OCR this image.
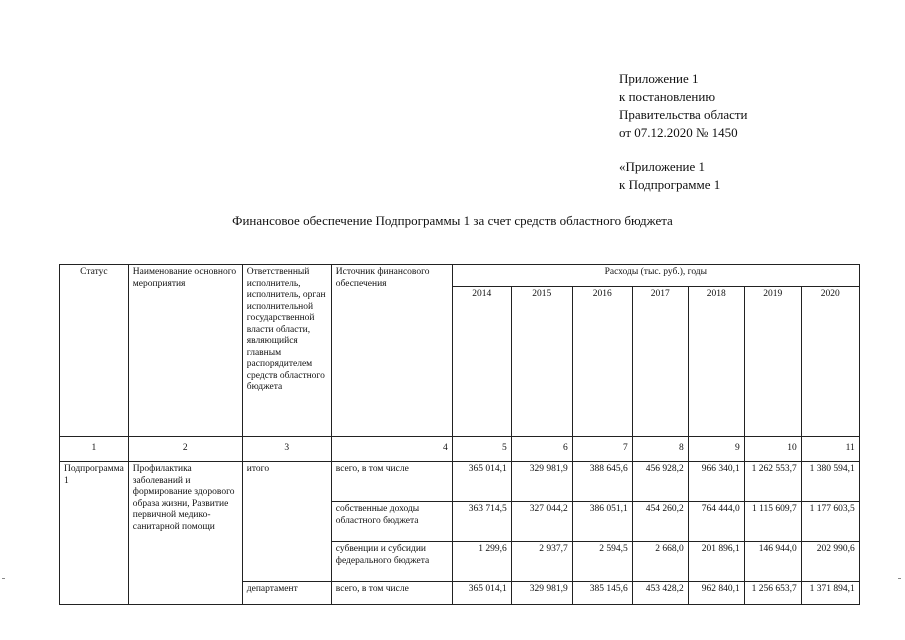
Приложение 1
к постановлению
Правительства области
от 07.12.2020 № 1450
«Приложение 1
к Подпрограмме 1
Финансовое обеспечение Подпрограммы 1 за счет средств областного бюджета
Статус	Наименование основного мероприятия	Ответственный исполнитель, исполнитель, орган исполнительной государственной власти области, являющийся главным распорядителем средств областного бюджета	Источник финансового обеспечения	Расходы (тыс. руб.), годы						
				2014	2015	2016	2017	2018	2019	2020
1	2	3	4	5	6	7	8	9	10	11
Подпрограмма 1	Профилактика заболеваний и формирование здорового образа жизни, Развитие первичной медико-санитарной помощи	итого	всего, в том числе	365 014,1	329 981,9	388 645,6	456 928,2	966 340,1	1 262 553,7	1 380 594,1
			собственные доходы областного бюджета	363 714,5	327 044,2	386 051,1	454 260,2	764 444,0	1 115 609,7	1 177 603,5
			субвенции и субсидии федерального бюджета	1 299,6	2 937,7	2 594,5	2 668,0	201 896,1	146 944,0	202 990,6
		департамент	всего, в том числе	365 014,1	329 981,9	385 145,6	453 428,2	962 840,1	1 256 653,7	1 371 894,1
